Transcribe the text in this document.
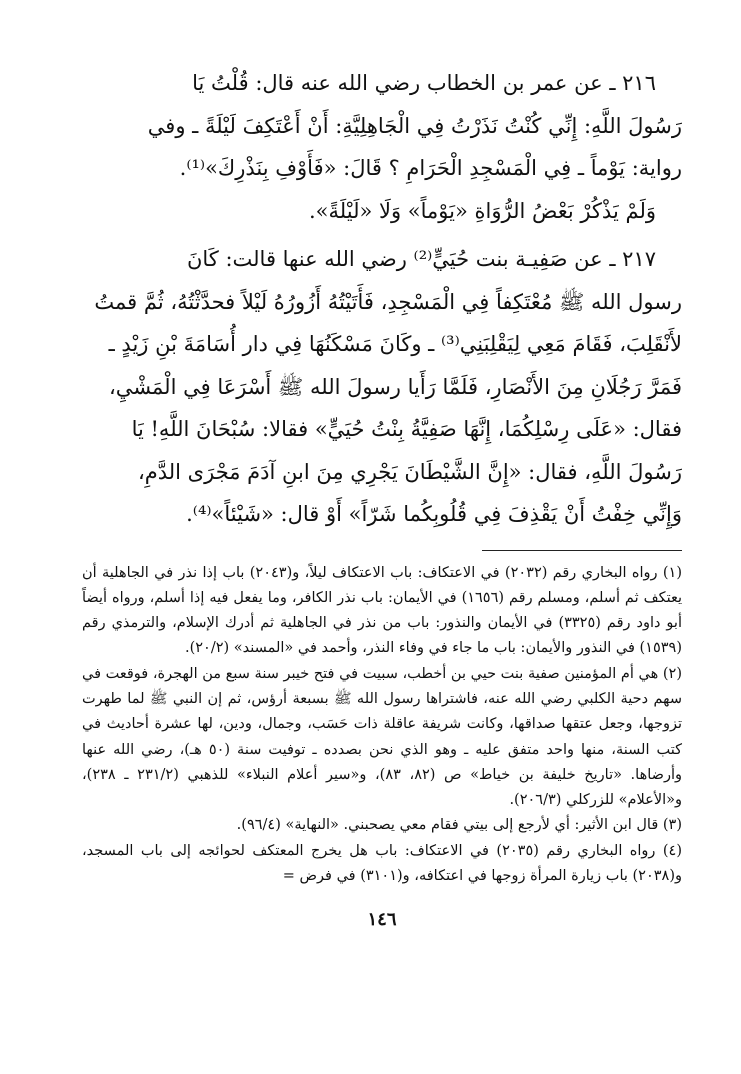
٢١٦ ـ عن عمر بن الخطاب رضي الله عنه قال: قُلْتُ يَا

رَسُولَ اللَّهِ: إِنِّي كُنْتُ نَذَرْتُ فِي الْجَاهِلِيَّةِ: أَنْ أَعْتَكِفَ لَيْلَةً ـ وفي

رواية: يَوْماً ـ فِي الْمَسْجِدِ الْحَرَامِ ؟ قَالَ: «فَأَوْفِ بِنَذْرِكَ»⁽¹⁾.

وَلَمْ يَذْكُرْ بَعْضُ الرُّوَاةِ «يَوْماً» وَلَا «لَيْلَةً».

٢١٧ ـ عن صَفِيـة بنت حُيَيٍّ⁽²⁾ رضي الله عنها قالت: كَانَ

رسول الله ﷺ مُعْتَكِفاً فِي الْمَسْجِدِ، فَأَتَيْتُهُ أَزُورُهُ لَيْلاً فحدَّثْتُهُ، ثُمَّ قمتُ

لأَنْقَلِبَ، فَقَامَ مَعِي لِيَقْلِبَنِي⁽³⁾ ـ وكَانَ مَسْكَنُهَا فِي دار أُسَامَةَ بْنِ زَيْدٍ ـ

فَمَرَّ رَجُلَانِ مِنَ الأَنْصَارِ، فَلَمَّا رَأَيا رسولَ الله ﷺ أَسْرَعَا فِي الْمَشْيِ،

فقال: «عَلَى رِسْلِكُمَا، إِنَّهَا صَفِيَّةُ بِنْتُ حُيَيٍّ» فقالا: سُبْحَانَ اللَّهِ! يَا

رَسُولَ اللَّهِ، فقال: «إِنَّ الشَّيْطَانَ يَجْرِي مِنَ ابنِ آدَمَ مَجْرَى الدَّمِ،

وَإِنِّي خِفْتُ أَنْ يَقْذِفَ فِي قُلُوبِكُما شَرّاً» أَوْ قال: «شَيْئاً»⁽⁴⁾.

(١) رواه البخاري رقم (٢٠٣٢) في الاعتكاف: باب الاعتكاف ليلاً، و(٢٠٤٣) باب إذا نذر في الجاهلية أن يعتكف ثم أسلم، ومسلم رقم (١٦٥٦) في الأيمان: باب نذر الكافر، وما يفعل فيه إذا أسلم، ورواه أيضاً أبو داود رقم (٣٣٢٥) في الأيمان والنذور: باب من نذر في الجاهلية ثم أدرك الإسلام، والترمذي رقم (١٥٣٩) في النذور والأيمان: باب ما جاء في وفاء النذر، وأحمد في «المسند» (٢٠/٢).

(٢) هي أم المؤمنين صفية بنت حيي بن أخطب، سبيت في فتح خيبر سنة سبع من الهجرة، فوقعت في سهم دحية الكلبي رضي الله عنه، فاشتراها رسول الله ﷺ بسبعة أرؤس، ثم إن النبي ﷺ لما طهرت تزوجها، وجعل عتقها صداقها، وكانت شريفة عاقلة ذات حَسَب، وجمال، ودين، لها عشرة أحاديث في كتب السنة، منها واحد متفق عليه ـ وهو الذي نحن بصدده ـ توفيت سنة (٥٠ هـ)، رضي الله عنها وأرضاها. «تاريخ خليفة بن خياط» ص (٨٢، ٨٣)، و«سير أعلام النبلاء» للذهبي (٢٣١/٢ ـ ٢٣٨)، و«الأعلام» للزركلي (٢٠٦/٣).

(٣) قال ابن الأثير: أي لأرجع إلى بيتي فقام معي يصحبني. «النهاية» (٩٦/٤).

(٤) رواه البخاري رقم (٢٠٣٥) في الاعتكاف: باب هل يخرج المعتكف لحوائجه إلى باب المسجد، و(٢٠٣٨) باب زيارة المرأة زوجها في اعتكافه، و(٣١٠١) في فرض =

١٤٦
